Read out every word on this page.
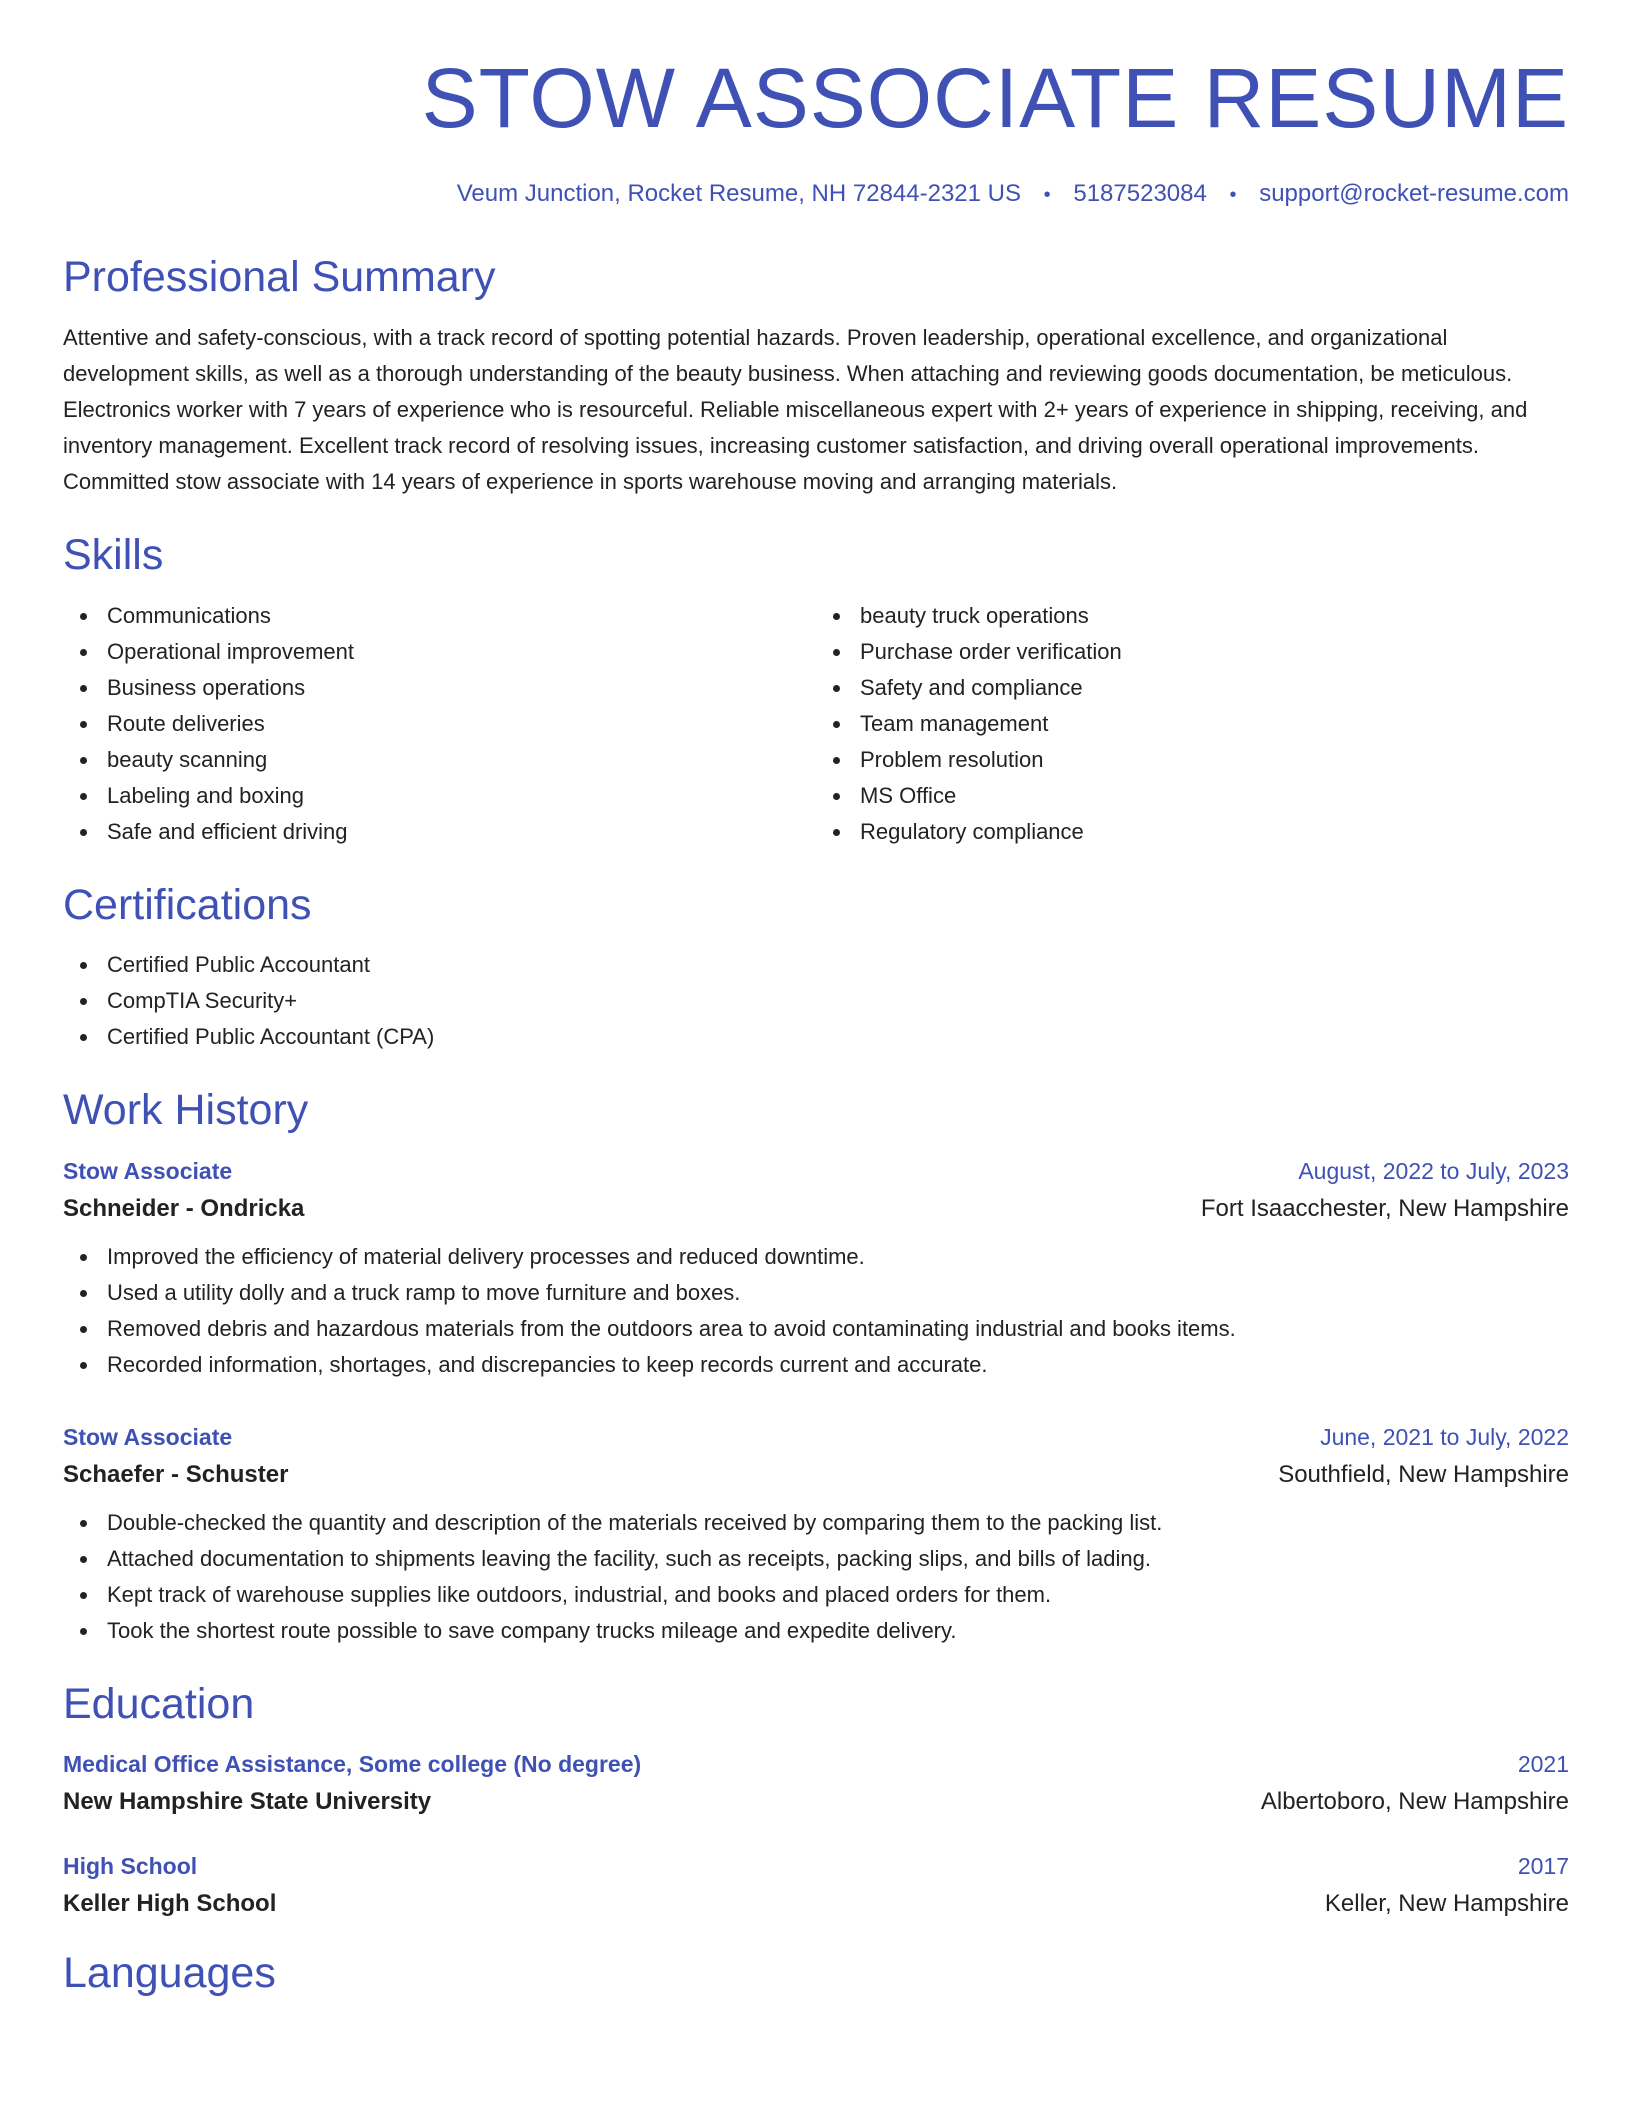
STOW ASSOCIATE RESUME
Veum Junction, Rocket Resume, NH 72844-2321 US • 5187523084 • support@rocket-resume.com
Professional Summary

Attentive and safety-conscious, with a track record of spotting potential hazards. Proven leadership, operational excellence, and organizational development skills, as well as a thorough understanding of the beauty business. When attaching and reviewing goods documentation, be meticulous. Electronics worker with 7 years of experience who is resourceful. Reliable miscellaneous expert with 2+ years of experience in shipping, receiving, and inventory management. Excellent track record of resolving issues, increasing customer satisfaction, and driving overall operational improvements. Committed stow associate with 14 years of experience in sports warehouse moving and arranging materials.

Skills
Communications
Operational improvement
Business operations
Route deliveries
beauty scanning
Labeling and boxing
Safe and efficient driving
beauty truck operations
Purchase order verification
Safety and compliance
Team management
Problem resolution
MS Office
Regulatory compliance
Certifications
Certified Public Accountant
CompTIA Security+
Certified Public Accountant (CPA)
Work History
Stow Associate	August, 2022 to July, 2023
Schneider - Ondricka	Fort Isaacchester, New Hampshire
Improved the efficiency of material delivery processes and reduced downtime.
Used a utility dolly and a truck ramp to move furniture and boxes.
Removed debris and hazardous materials from the outdoors area to avoid contaminating industrial and books items.
Recorded information, shortages, and discrepancies to keep records current and accurate.
Stow Associate	June, 2021 to July, 2022
Schaefer - Schuster	Southfield, New Hampshire
Double-checked the quantity and description of the materials received by comparing them to the packing list.
Attached documentation to shipments leaving the facility, such as receipts, packing slips, and bills of lading.
Kept track of warehouse supplies like outdoors, industrial, and books and placed orders for them.
Took the shortest route possible to save company trucks mileage and expedite delivery.
Education
Medical Office Assistance, Some college (No degree)	2021
New Hampshire State University	Albertoboro, New Hampshire
High School	2017
Keller High School	Keller, New Hampshire
Languages
